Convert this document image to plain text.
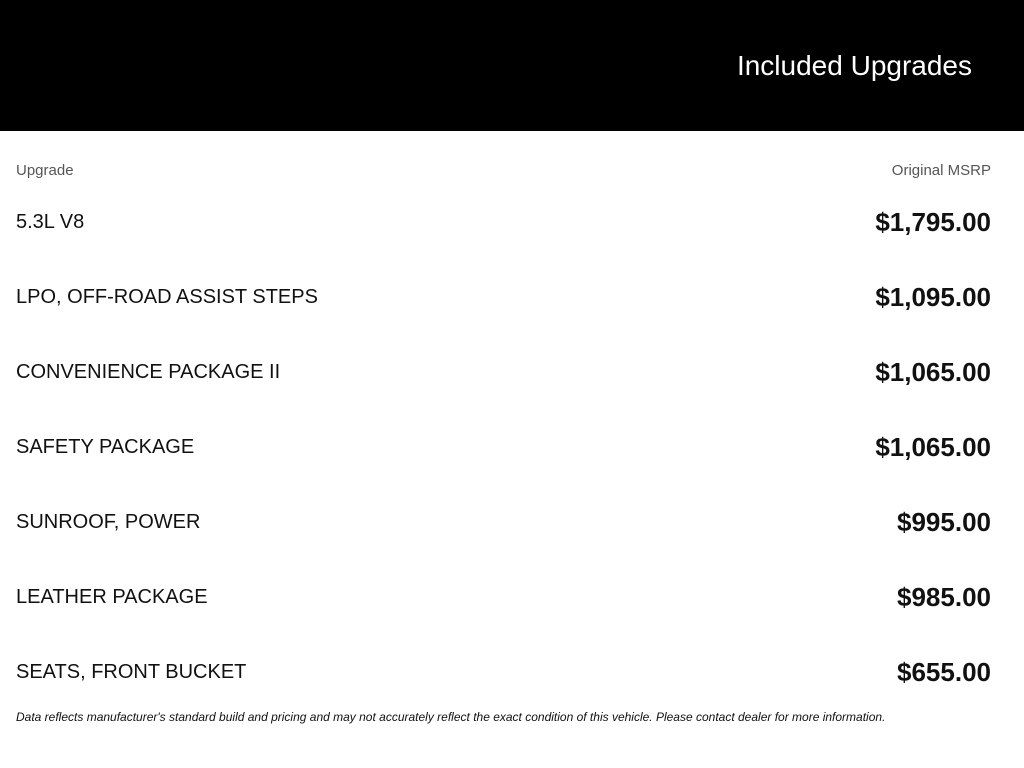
Included Upgrades
Upgrade	Original MSRP
5.3L V8	$1,795.00
LPO, OFF-ROAD ASSIST STEPS	$1,095.00
CONVENIENCE PACKAGE II	$1,065.00
SAFETY PACKAGE	$1,065.00
SUNROOF, POWER	$995.00
LEATHER PACKAGE	$985.00
SEATS, FRONT BUCKET	$655.00
Data reflects manufacturer's standard build and pricing and may not accurately reflect the exact condition of this vehicle. Please contact dealer for more information.
